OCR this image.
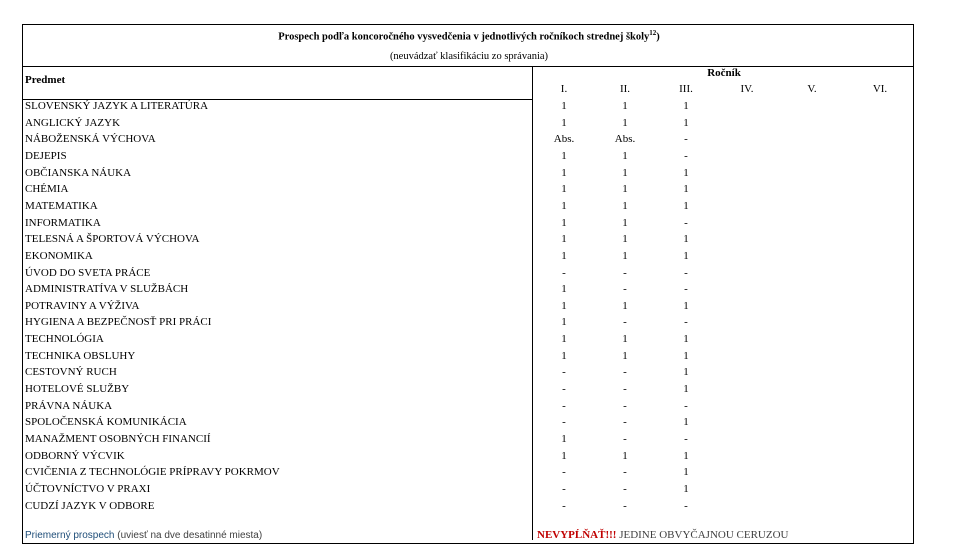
Prospech podľa koncoročného vysvedčenia v jednotlivých ročníkoch strednej školy$^{12}$)
(neuvádzať klasifikáciu zo správania)
Predmet
Ročník
I.	II.	III.	IV.	V.	VI.
SLOVENSKÝ JAZYK A LITERATÚRA	1	1	1
ANGLICKÝ JAZYK	1	1	1
NÁBOŽENSKÁ VÝCHOVA	Abs.	Abs.	-
DEJEPIS	1	1	-
OBČIANSKA NÁUKA	1	1	1
CHÉMIA	1	1	1
MATEMATIKA	1	1	1
INFORMATIKA	1	1	-
TELESNÁ A ŠPORTOVÁ VÝCHOVA	1	1	1
EKONOMIKA	1	1	1
ÚVOD DO SVETA PRÁCE	-	-	-
ADMINISTRATÍVA V SLUŽBÁCH	1	-	-
POTRAVINY A VÝŽIVA	1	1	1
HYGIENA A BEZPEČNOSŤ PRI PRÁCI	1	-	-
TECHNOLÓGIA	1	1	1
TECHNIKA OBSLUHY	1	1	1
CESTOVNÝ RUCH	-	-	1
HOTELOVÉ SLUŽBY	-	-	1
PRÁVNA NÁUKA	-	-	-
SPOLOČENSKÁ KOMUNIKÁCIA	-	-	1
MANAŽMENT OSOBNÝCH FINANCIÍ	1	-	-
ODBORNÝ VÝCVIK	1	1	1
CVIČENIA Z TECHNOLÓGIE PRÍPRAVY POKRMOV	-	-	1
ÚČTOVNÍCTVO V PRAXI	-	-	1
CUDZÍ JAZYK V ODBORE	-	-	-
Priemerný prospech (uviesť na dve desatinné miesta)	NEVYPĹŇAŤ!!! JEDINE OBVYČAJNOU CERUZOU
